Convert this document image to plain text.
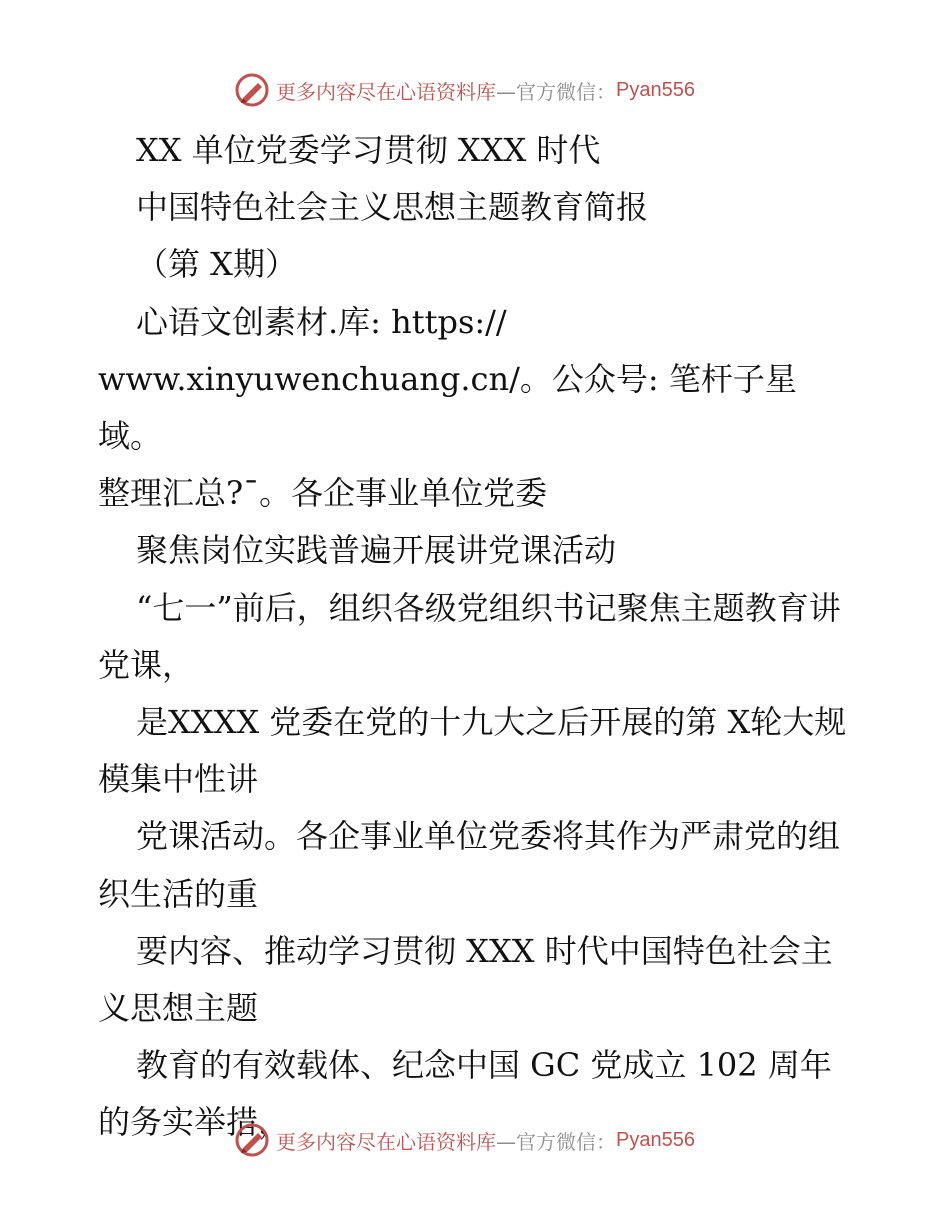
更多内容尽在心语资料库 —官方微信： Pyan556

XX 单位党委学习贯彻 XXX 时代

中国特色社会主义思想主题教育简报

（第 X期）

心语文创素材.库: https://

www.xinyuwenchuang.cn/。公众号: 笔杆子星域。

整理汇总?¯。各企事业单位党委

聚焦岗位实践普遍开展讲党课活动

“七一”前后，组织各级党组织书记聚焦主题教育讲党课，

是XXXX 党委在党的十九大之后开展的第 X轮大规模集中性讲

党课活动。各企事业单位党委将其作为严肃党的组织生活的重

要内容、推动学习贯彻 XXX 时代中国特色社会主义思想主题

教育的有效载体、纪念中国 GC 党成立 102 周年的务实举措，

更多内容尽在心语资料库 —官方微信： Pyan556
